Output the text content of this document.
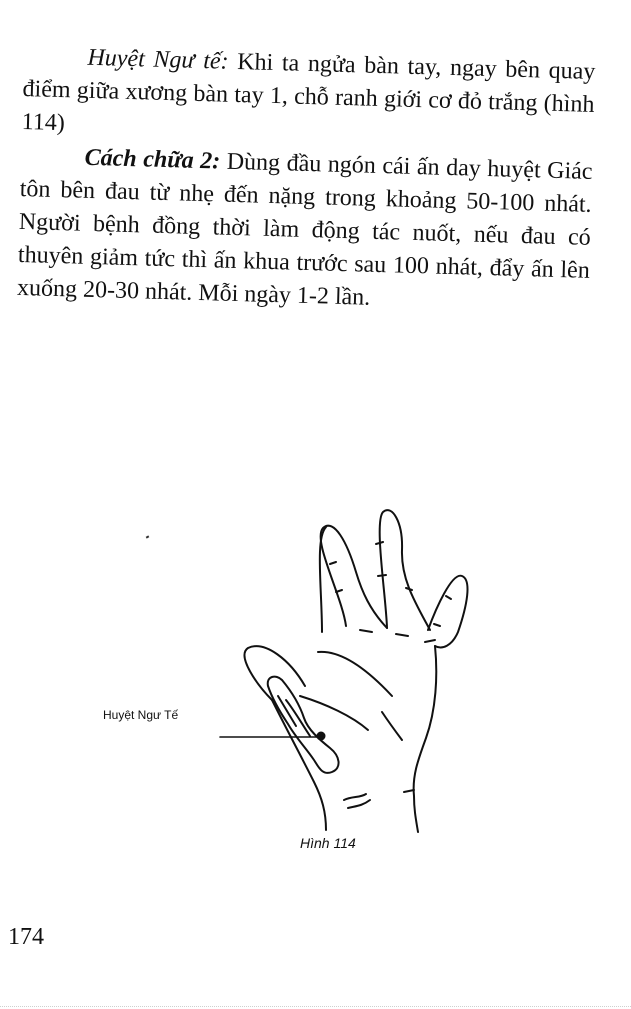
Huyệt Ngư tế: Khi ta ngửa bàn tay, ngay bên quay điểm giữa xương bàn tay 1, chỗ ranh giới cơ đỏ trắng (hình 114)

Cách chữa 2: Dùng đầu ngón cái ấn day huyệt Giác tôn bên đau từ nhẹ đến nặng trong khoảng 50-100 nhát. Người bệnh đồng thời làm động tác nuốt, nếu đau có thuyên giảm tức thì ấn khua trước sau 100 nhát, đẩy ấn lên xuống 20-30 nhát. Mỗi ngày 1-2 lần.

Huyệt Ngư Tế
Hình 114
174
